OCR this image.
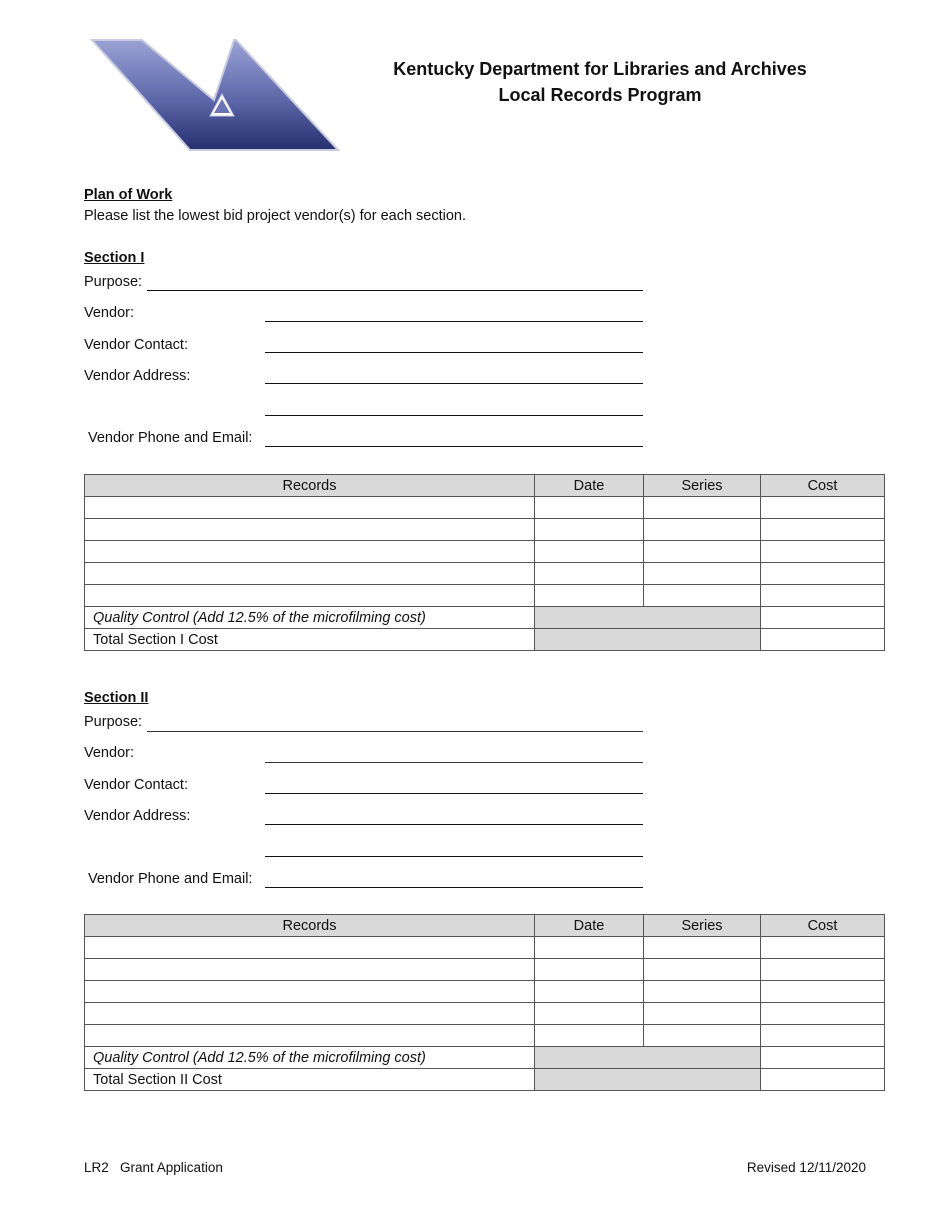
Kentucky Department for Libraries and Archives
Local Records Program
Plan of Work
Please list the lowest bid project vendor(s) for each section.
Section I
Purpose:
Vendor:
Vendor Contact:
Vendor Address:
Vendor Phone and Email:
Records	Date	Series	Cost

Quality Control (Add 12.5% of the microfilming cost)			
Total Section I Cost			
Section II
Purpose:
Vendor:
Vendor Contact:
Vendor Address:
Vendor Phone and Email:
Records	Date	Series	Cost

Quality Control (Add 12.5% of the microfilming cost)			
Total Section II Cost			
LR2   Grant Application	Revised 12/11/2020
